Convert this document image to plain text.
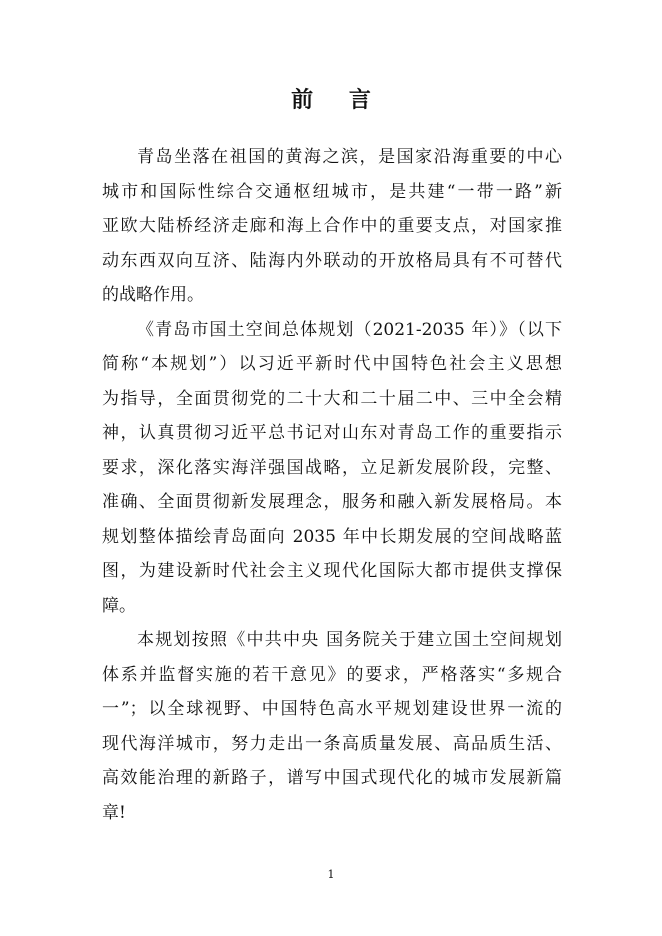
前 言
青岛坐落在祖国的黄海之滨，是国家沿海重要的中心
城市和国际性综合交通枢纽城市，是共建“一带一路”新
亚欧大陆桥经济走廊和海上合作中的重要支点，对国家推
动东西双向互济、陆海内外联动的开放格局具有不可替代
的战略作用。
《青岛市国土空间总体规划（2021-2035 年）》（以下
简称“本规划”）以习近平新时代中国特色社会主义思想
为指导，全面贯彻党的二十大和二十届二中、三中全会精
神，认真贯彻习近平总书记对山东对青岛工作的重要指示
要求，深化落实海洋强国战略，立足新发展阶段，完整、
准确、全面贯彻新发展理念，服务和融入新发展格局。本
规划整体描绘青岛面向 2035 年中长期发展的空间战略蓝
图，为建设新时代社会主义现代化国际大都市提供支撑保
障。
本规划按照《中共中央 国务院关于建立国土空间规划
体系并监督实施的若干意见》的要求，严格落实“多规合
一”；以全球视野、中国特色高水平规划建设世界一流的
现代海洋城市，努力走出一条高质量发展、高品质生活、
高效能治理的新路子，谱写中国式现代化的城市发展新篇
章!
1
